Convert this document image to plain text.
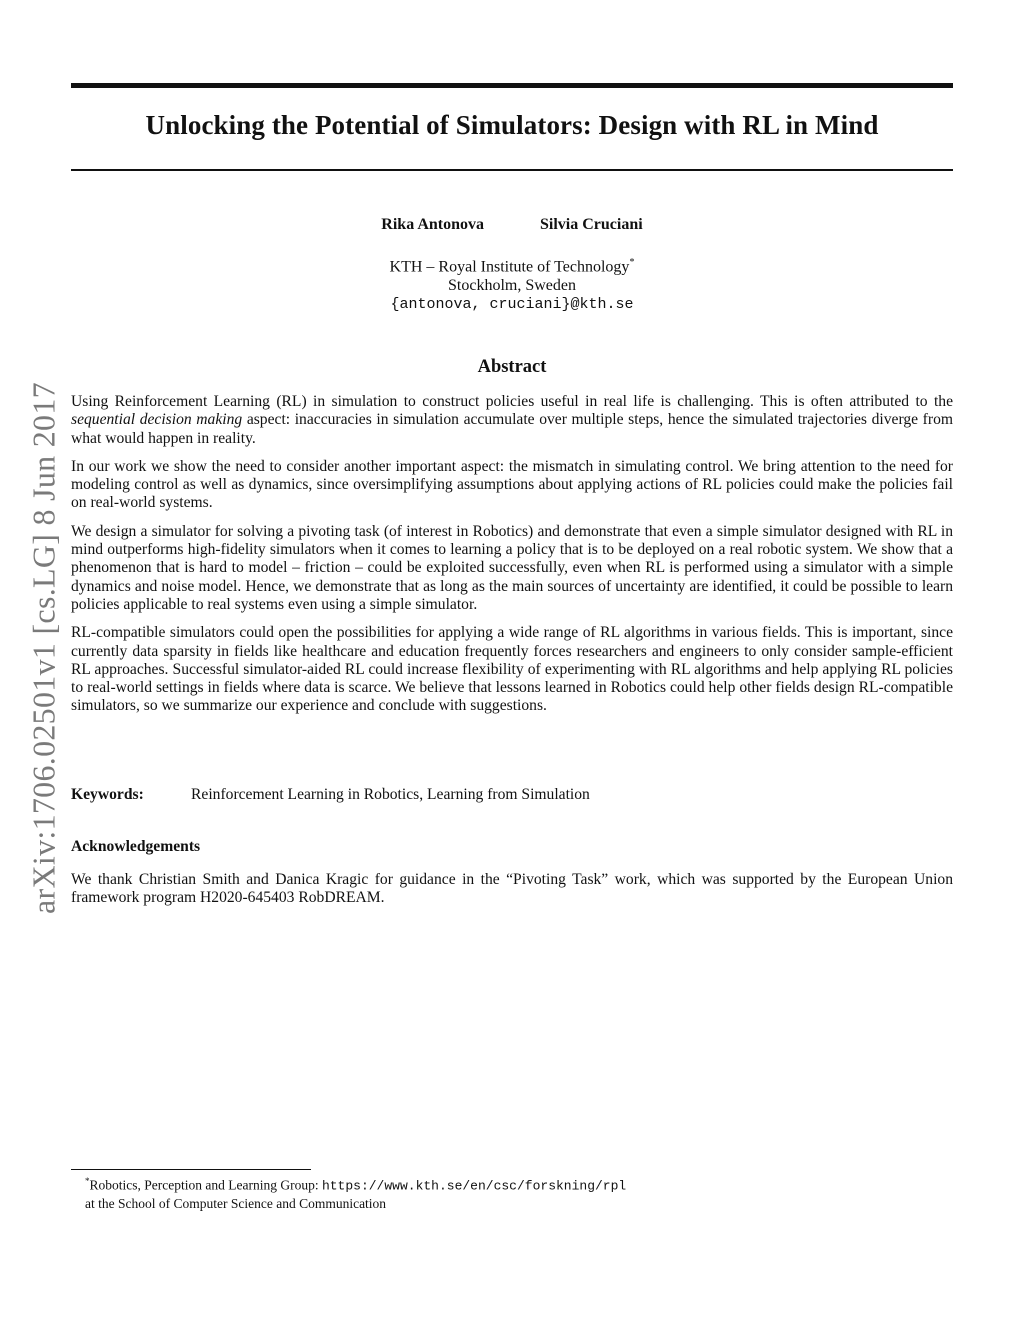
Unlocking the Potential of Simulators: Design with RL in Mind
Rika Antonova	Silvia Cruciani
KTH – Royal Institute of Technology*
Stockholm, Sweden
{antonova, cruciani}@kth.se
Abstract

Using Reinforcement Learning (RL) in simulation to construct policies useful in real life is challenging. This is often attributed to the sequential decision making aspect: inaccuracies in simulation accumulate over multiple steps, hence the simulated trajectories diverge from what would happen in reality.

In our work we show the need to consider another important aspect: the mismatch in simulating control. We bring attention to the need for modeling control as well as dynamics, since oversimplifying assumptions about applying actions of RL policies could make the policies fail on real-world systems.

We design a simulator for solving a pivoting task (of interest in Robotics) and demonstrate that even a simple simulator designed with RL in mind outperforms high-fidelity simulators when it comes to learning a policy that is to be deployed on a real robotic system. We show that a phenomenon that is hard to model – friction – could be exploited successfully, even when RL is performed using a simulator with a simple dynamics and noise model. Hence, we demonstrate that as long as the main sources of uncertainty are identified, it could be possible to learn policies applicable to real systems even using a simple simulator.

RL-compatible simulators could open the possibilities for applying a wide range of RL algorithms in various fields. This is important, since currently data sparsity in fields like healthcare and education frequently forces researchers and engineers to only consider sample-efficient RL approaches. Successful simulator-aided RL could increase flexibility of experimenting with RL algorithms and help applying RL policies to real-world settings in fields where data is scarce. We believe that lessons learned in Robotics could help other fields design RL-compatible simulators, so we summarize our experience and conclude with suggestions.

Keywords:	Reinforcement Learning in Robotics, Learning from Simulation
Acknowledgements
We thank Christian Smith and Danica Kragic for guidance in the “Pivoting Task” work, which was supported by the European Union framework program H2020-645403 RobDREAM.
arXiv:1706.02501v1 [cs.LG] 8 Jun 2017
*Robotics, Perception and Learning Group: https://www.kth.se/en/csc/forskning/rpl
at the School of Computer Science and Communication
